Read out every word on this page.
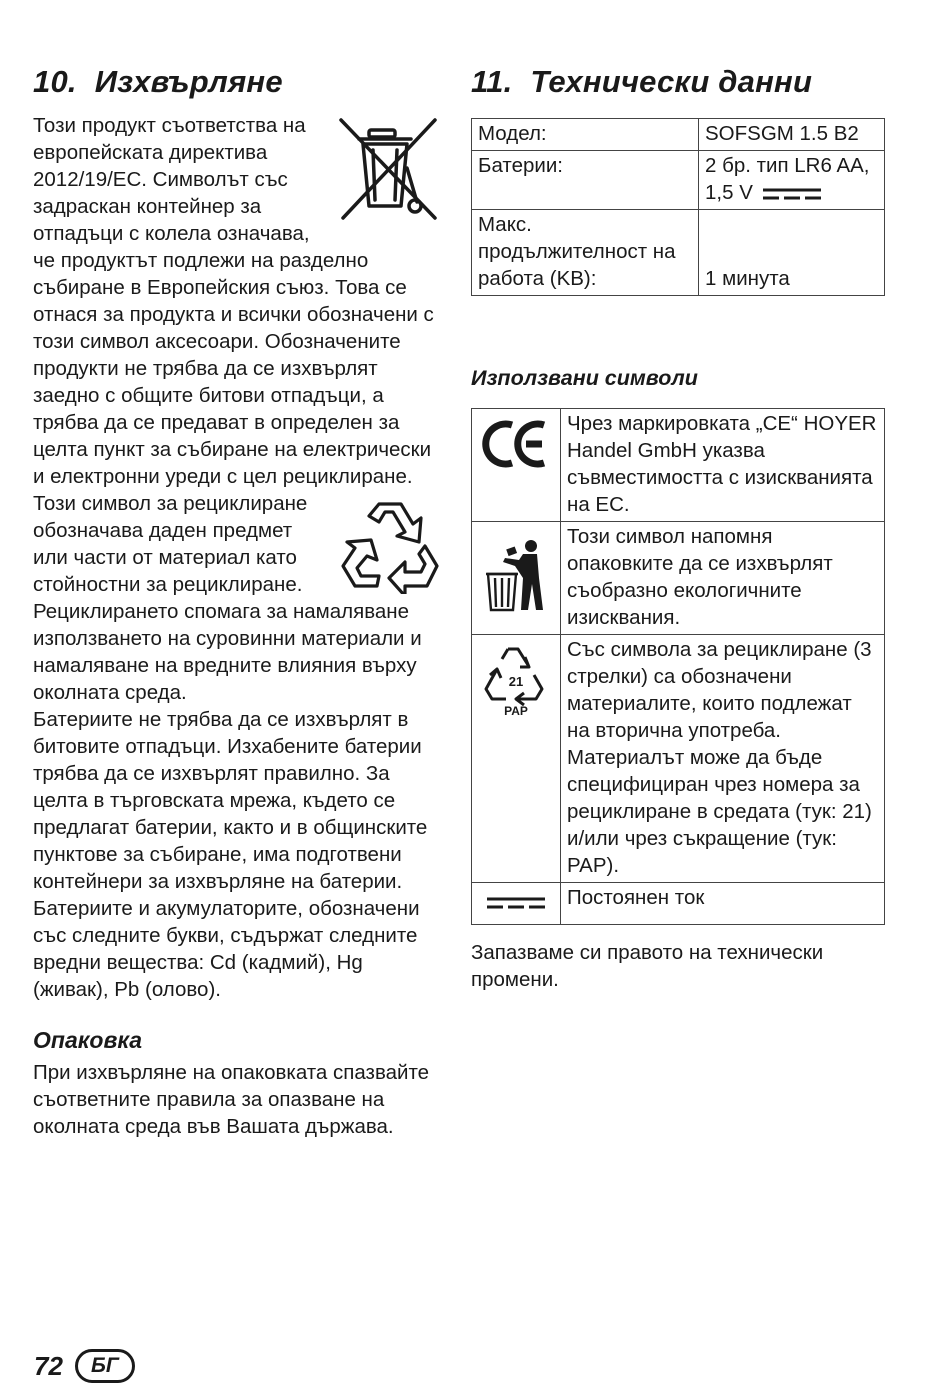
10. Изхвърляне

Този продукт съответства на европейската директива 2012/19/ЕС. Символът със задраскан контейнер за отпадъци с колела означава, че продуктът подлежи на разделно събиране в Европейския съюз. Това се отнася за продукта и всички обозначени с този символ аксесоари. Обозначените продукти не трябва да се изхвърлят заедно с общите битови отпадъци, а трябва да се предават в определен за целта пункт за събиране на електрически и електронни уреди с цел рециклиране.

Този символ за рециклиране обозначава даден предмет или части от материал като стойностни за рециклиране. Рециклирането спомага за намаляване използването на суровинни материали и намаляване на вредните влияния върху околната среда.

Батериите не трябва да се изхвърлят в битовите отпадъци. Изхабените батерии трябва да се изхвърлят правилно. За целта в търговската мрежа, където се предлагат батерии, както и в общинските пунктове за събиране, има подготвени контейнери за изхвърляне на батерии.

Батериите и акумулаторите, обозначени със следните букви, съдържат следните вредни вещества: Cd (кадмий), Hg (живак), Pb (олово).

Опаковка

При изхвърляне на опаковката спазвайте съответните правила за опазване на околната среда във Вашата държава.

11. Технически данни
Модел:	SOFSGM 1.5 B2
Батерии:	2 бр. тип LR6 AA,
1,5 V

Макс. продължителност на работа (KB):	1 минута
Използвани символи
	Чрез маркировката „CE“ HOYER Handel GmbH указва съвместимостта с изискванията на ЕС.
	Този символ напомня опаковките да се изхвърлят съобразно екологичните изисквания.

21
PAP	Със символа за рециклиране (3 стрелки) са обозначени материалите, които подлежат на вторична употреба. Материалът може да бъде специфициран чрез номера за рециклиране в средата (тук: 21) и/или чрез съкращение (тук: PAP).
	Постоянен ток

Запазваме си правото на технически промени.

72	БГ
